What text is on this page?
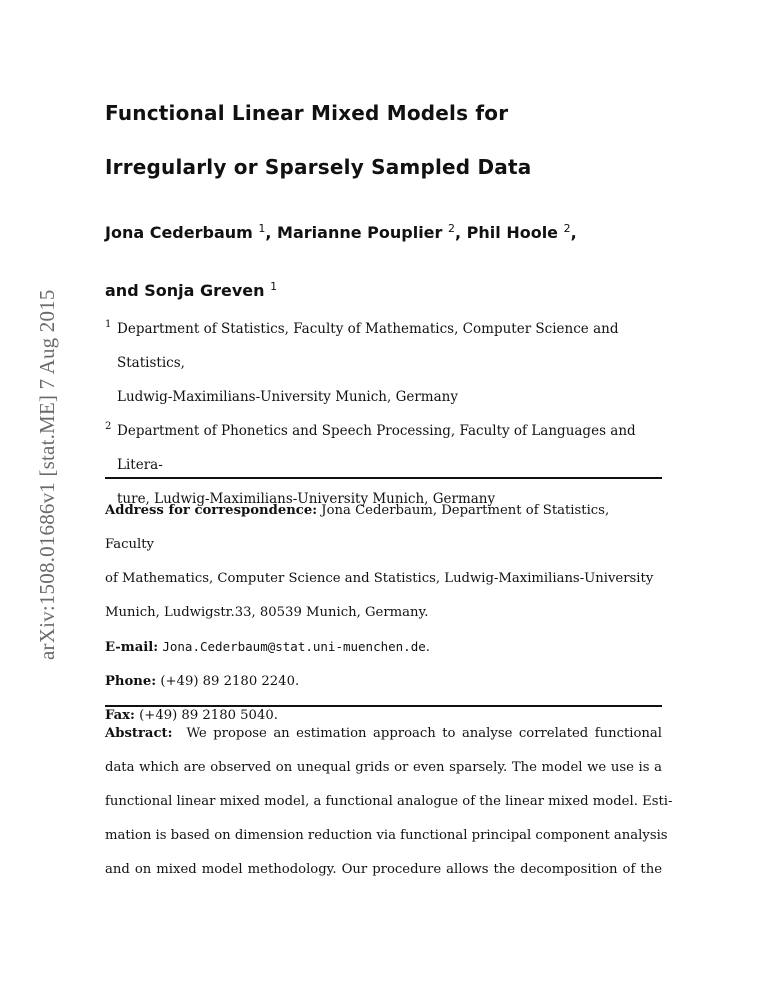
arXiv:1508.01686v1 [stat.ME] 7 Aug 2015
Functional Linear Mixed Models for
Irregularly or Sparsely Sampled Data
Jona Cederbaum $^1$, Marianne Pouplier $^2$, Phil Hoole $^2$,
and Sonja Greven $^1$
1 Department of Statistics, Faculty of Mathematics, Computer Science and Statistics,
Ludwig-Maximilians-University Munich, Germany
2 Department of Phonetics and Speech Processing, Faculty of Languages and Litera-
ture, Ludwig-Maximilians-University Munich, Germany
Address for correspondence: Jona Cederbaum, Department of Statistics, Faculty
of Mathematics, Computer Science and Statistics, Ludwig-Maximilians-University
Munich, Ludwigstr.33, 80539 Munich, Germany.
E-mail: Jona.Cederbaum@stat.uni-muenchen.de.
Phone: (+49) 89 2180 2240.
Fax: (+49) 89 2180 5040.
Abstract: We propose an estimation approach to analyse correlated functional
data which are observed on unequal grids or even sparsely. The model we use is a
functional linear mixed model, a functional analogue of the linear mixed model. Esti-
mation is based on dimension reduction via functional principal component analysis
and on mixed model methodology. Our procedure allows the decomposition of the
